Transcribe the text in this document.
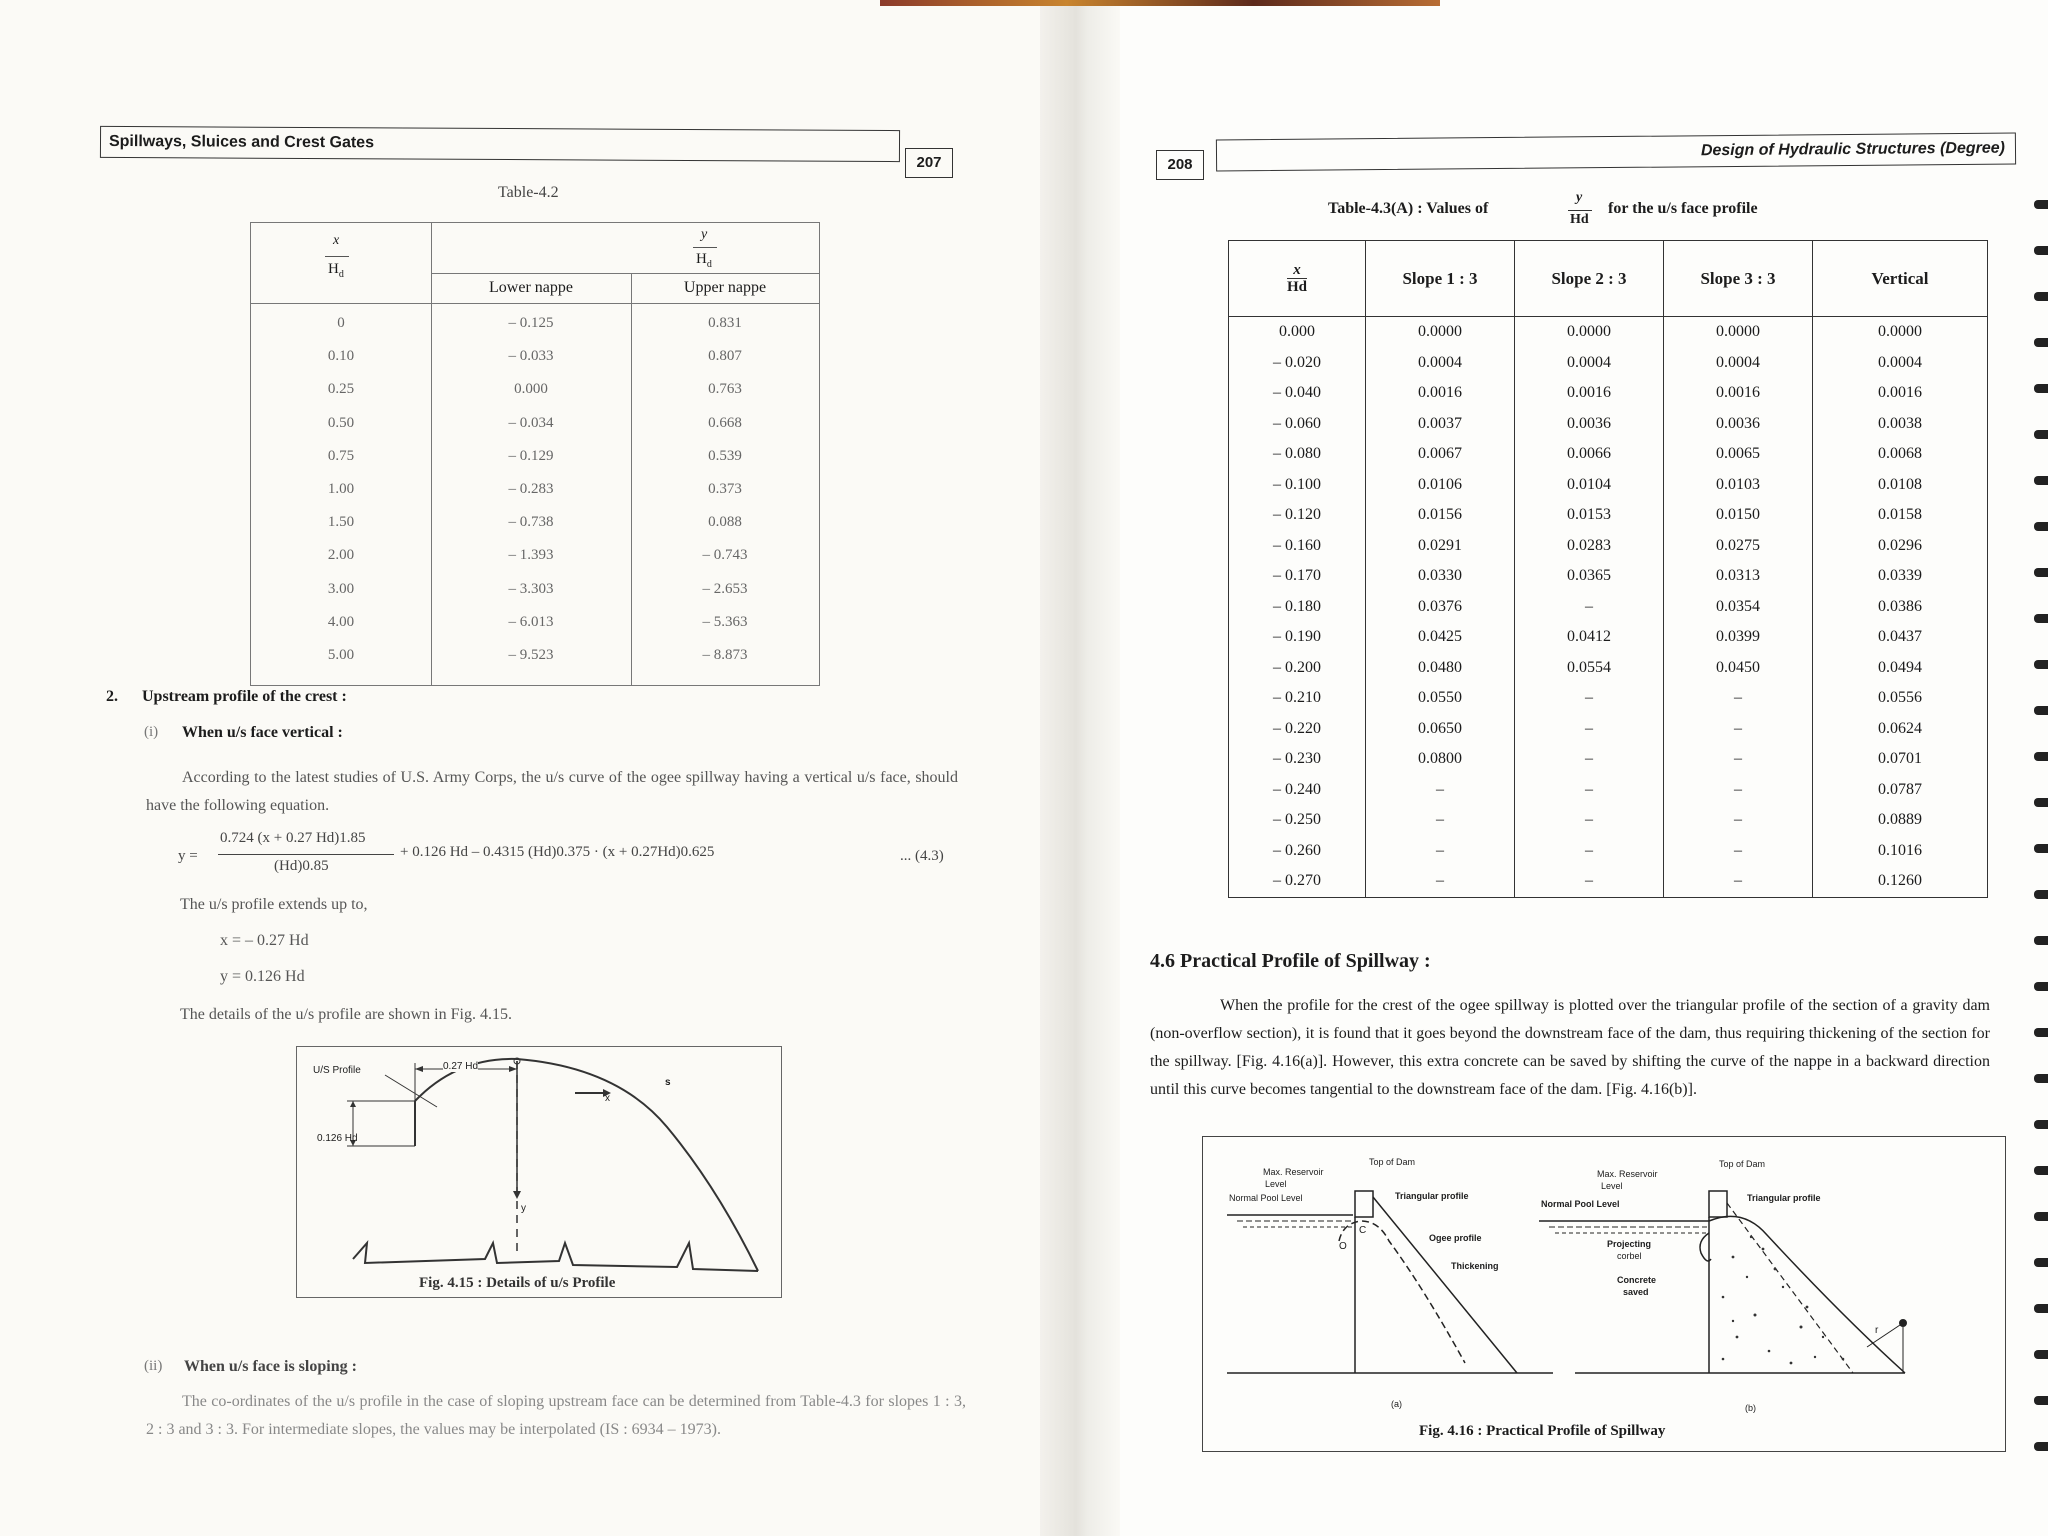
Spillways, Sluices and Crest Gates
207
Table-4.2
x
$H_d$
y
$H_d$
Lower nappe	Upper nappe
0	– 0.125	0.831
0.10	– 0.033	0.807
0.25	0.000	0.763
0.50	– 0.034	0.668
0.75	– 0.129	0.539
1.00	– 0.283	0.373
1.50	– 0.738	0.088
2.00	– 1.393	– 0.743
3.00	– 3.303	– 2.653
4.00	– 6.013	– 5.363
5.00	– 9.523	– 8.873
2. Upstream profile of the crest :
(i) When u/s face vertical :
According to the latest studies of U.S. Army Corps, the u/s curve of the ogee spillway having a vertical u/s face, should have the following equation.
y =
0.724 (x + 0.27 Hd)1.85
(Hd)0.85
+ 0.126 Hd – 0.4315 (Hd)0.375 · (x + 0.27Hd)0.625	... (4.3)
The u/s profile extends up to,
x = – 0.27 Hd
y = 0.126 Hd
The details of the u/s profile are shown in Fig. 4.15.
U/S Profile	0.27 Hd
0.126 Hd
x
y
s
Fig. 4.15 : Details of u/s Profile
(ii) When u/s face is sloping :
The co-ordinates of the u/s profile in the case of sloping upstream face can be determined from Table-4.3 for slopes 1 : 3, 2 : 3 and 3 : 3. For intermediate slopes, the values may be interpolated (IS : 6934 – 1973).
208
Design of Hydraulic Structures (Degree)
Table-4.3(A) : Values of
y
Hd
for the u/s face profile
$\frac{x}{Hd}$	Slope 1 : 3	Slope 2 : 3	Slope 3 : 3	Vertical
0.000	0.0000	0.0000	0.0000	0.0000
– 0.020	0.0004	0.0004	0.0004	0.0004
– 0.040	0.0016	0.0016	0.0016	0.0016
– 0.060	0.0037	0.0036	0.0036	0.0038
– 0.080	0.0067	0.0066	0.0065	0.0068
– 0.100	0.0106	0.0104	0.0103	0.0108
– 0.120	0.0156	0.0153	0.0150	0.0158
– 0.160	0.0291	0.0283	0.0275	0.0296
– 0.170	0.0330	0.0365	0.0313	0.0339
– 0.180	0.0376	–	0.0354	0.0386
– 0.190	0.0425	0.0412	0.0399	0.0437
– 0.200	0.0480	0.0554	0.0450	0.0494
– 0.210	0.0550	–	–	0.0556
– 0.220	0.0650	–	–	0.0624
– 0.230	0.0800	–	–	0.0701
– 0.240	–	–	–	0.0787
– 0.250	–	–	–	0.0889
– 0.260	–	–	–	0.1016
– 0.270	–	–	–	0.1260
4.6 Practical Profile of Spillway :
When the profile for the crest of the ogee spillway is plotted over the triangular profile of the section of a gravity dam (non-overflow section), it is found that it goes beyond the downstream face of the dam, thus requiring thickening of the section for the spillway. [Fig. 4.16(a)]. However, this extra concrete can be saved by shifting the curve of the nappe in a backward direction until this curve becomes tangential to the downstream face of the dam. [Fig. 4.16(b)].
Max. Reservoir
Level
Normal Pool Level
Top of Dam
Triangular profile
Ogee profile
Thickening
O
C
(a)
Max. Reservoir
Level
Normal Pool Level
Top of Dam
Triangular profile
Projecting
corbel
Concrete
saved
r
(b)
Fig. 4.16 : Practical Profile of Spillway
